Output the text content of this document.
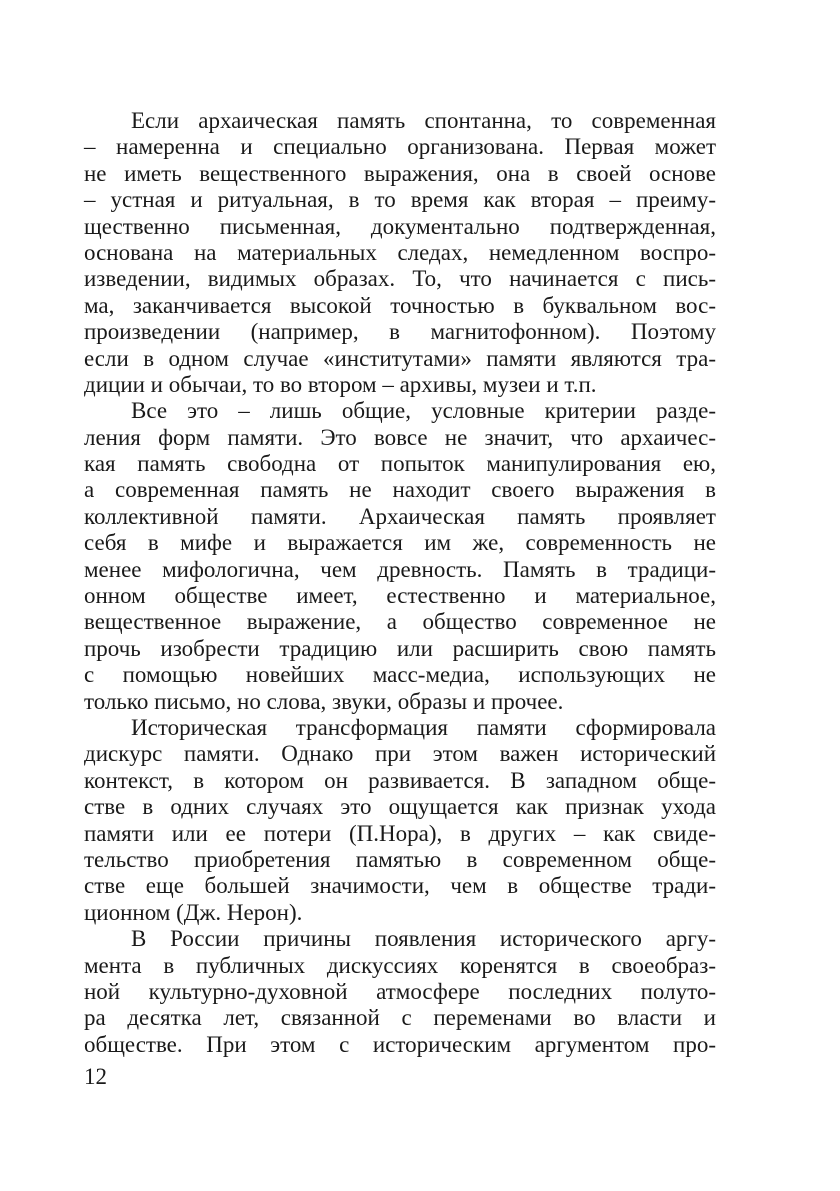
Если архаическая память спонтанна, то современная
– намеренна и специально организована. Первая может
не иметь вещественного выражения, она в своей основе
– устная и ритуальная, в то время как вторая – преиму-
щественно письменная, документально подтвержденная,
основана на материальных следах, немедленном воспро-
изведении, видимых образах. То, что начинается с пись-
ма, заканчивается высокой точностью в буквальном вос-
произведении (например, в магнитофонном). Поэтому
если в одном случае «институтами» памяти являются тра-
диции и обычаи, то во втором – архивы, музеи и т.п.
Все это – лишь общие, условные критерии разде-
ления форм памяти. Это вовсе не значит, что архаичес-
кая память свободна от попыток манипулирования ею,
а современная память не находит своего выражения в
коллективной памяти. Архаическая память проявляет
себя в мифе и выражается им же, современность не
менее мифологична, чем древность. Память в традици-
онном обществе имеет, естественно и материальное,
вещественное выражение, а общество современное не
прочь изобрести традицию или расширить свою память
с помощью новейших масс-медиа, использующих не
только письмо, но слова, звуки, образы и прочее.
Историческая трансформация памяти сформировала
дискурс памяти. Однако при этом важен исторический
контекст, в котором он развивается. В западном обще-
стве в одних случаях это ощущается как признак ухода
памяти или ее потери (П.Нора), в других – как свиде-
тельство приобретения памятью в современном обще-
стве еще большей значимости, чем в обществе тради-
ционном (Дж. Нерон).
В России причины появления исторического аргу-
мента в публичных дискуссиях коренятся в своеобраз-
ной культурно-духовной атмосфере последних полуто-
ра десятка лет, связанной с переменами во власти и
обществе. При этом с историческим аргументом про-
12
